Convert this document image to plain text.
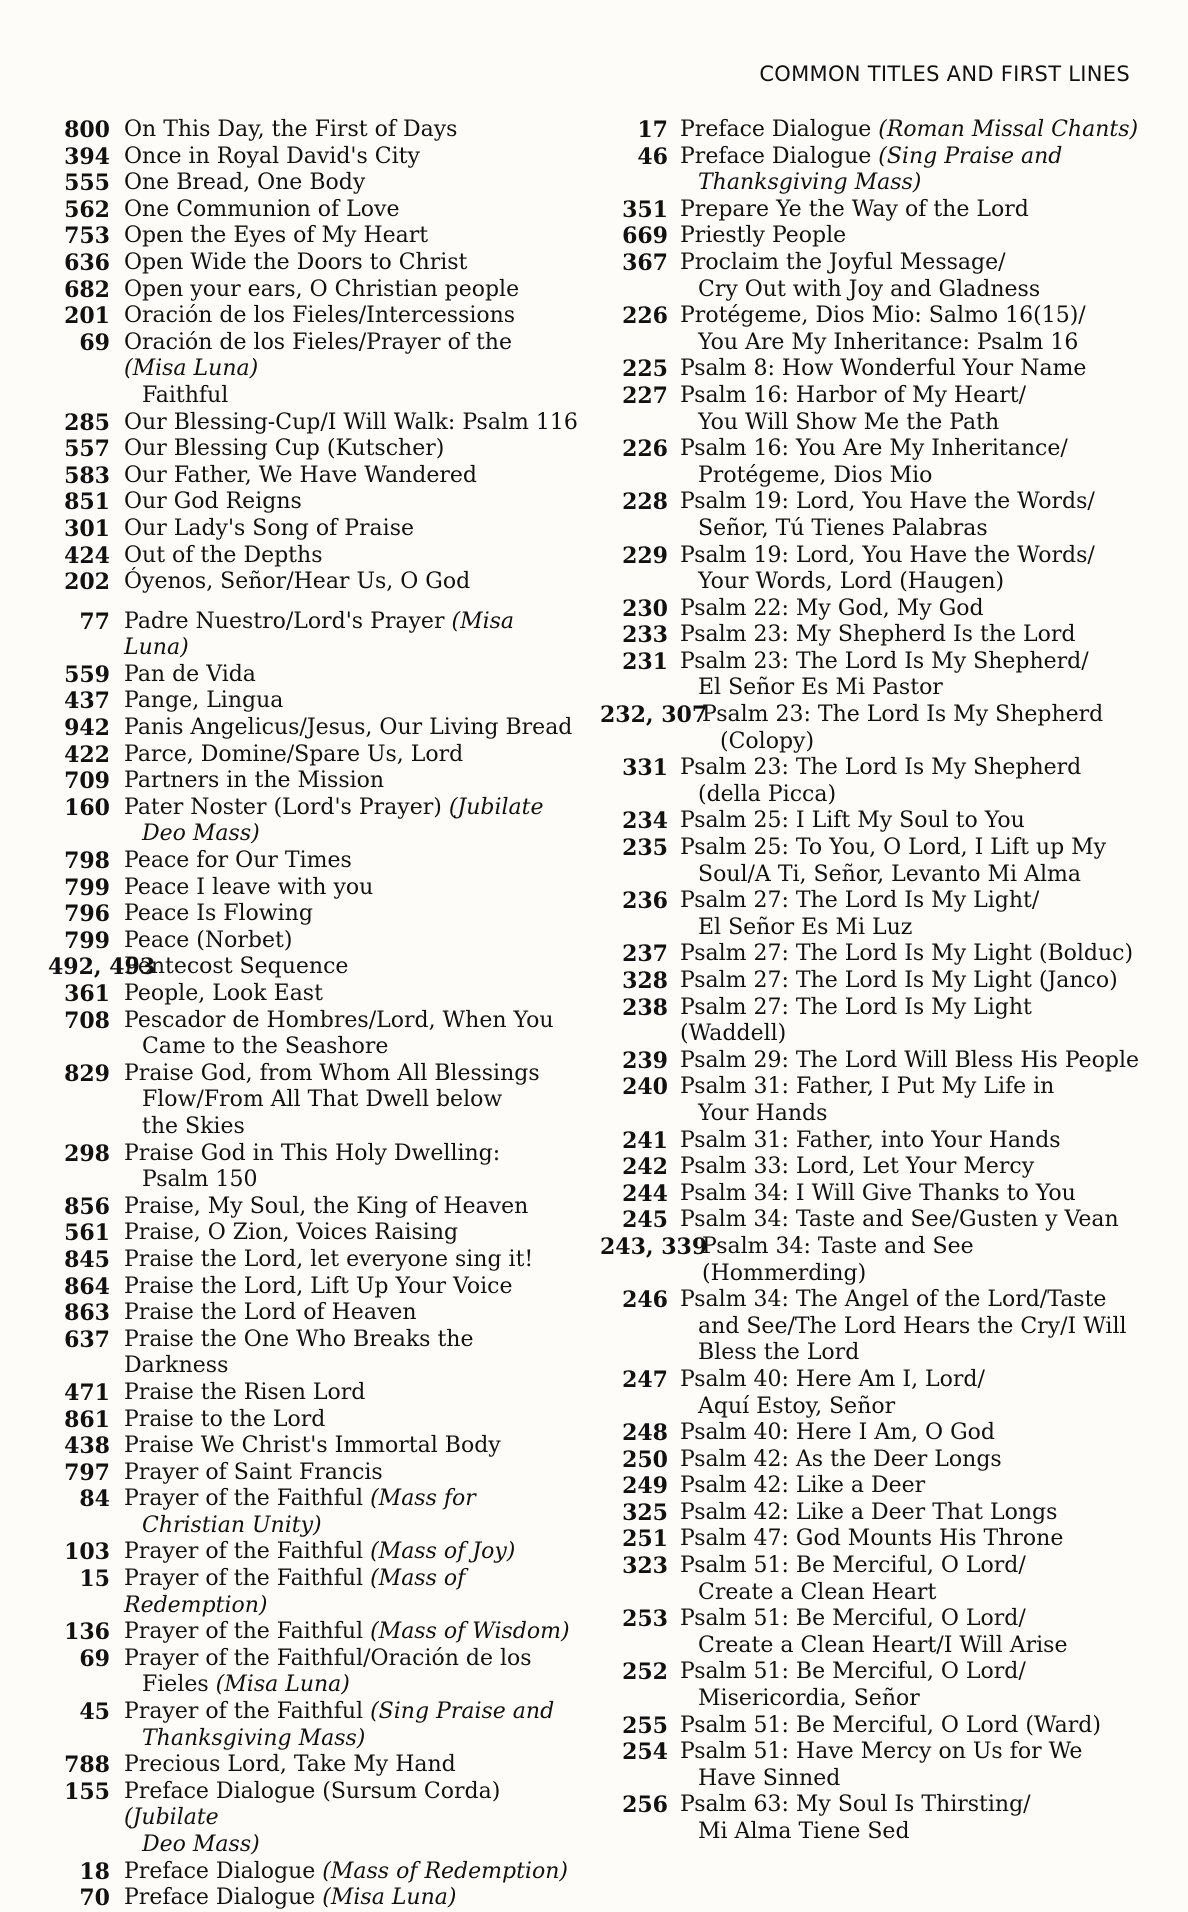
COMMON TITLES AND FIRST LINES
800 On This Day, the First of Days
394 Once in Royal David's City
555 One Bread, One Body
562 One Communion of Love
753 Open the Eyes of My Heart
636 Open Wide the Doors to Christ
682 Open your ears, O Christian people
201 Oración de los Fieles/Intercessions
69 Oración de los Fieles/Prayer of the (Misa Luna)
Faithful
285 Our Blessing-Cup/I Will Walk: Psalm 116
557 Our Blessing Cup (Kutscher)
583 Our Father, We Have Wandered
851 Our God Reigns
301 Our Lady's Song of Praise
424 Out of the Depths
202 Óyenos, Señor/Hear Us, O God
77 Padre Nuestro/Lord's Prayer (Misa Luna)
559 Pan de Vida
437 Pange, Lingua
942 Panis Angelicus/Jesus, Our Living Bread
422 Parce, Domine/Spare Us, Lord
709 Partners in the Mission
160 Pater Noster (Lord's Prayer) (Jubilate
Deo Mass)
798 Peace for Our Times
799 Peace I leave with you
796 Peace Is Flowing
799 Peace (Norbet)
492, 493
Pentecost Sequence
361 People, Look East
708 Pescador de Hombres/Lord, When You
Came to the Seashore
829 Praise God, from Whom All Blessings
Flow/From All That Dwell below
the Skies
298 Praise God in This Holy Dwelling:
Psalm 150
856 Praise, My Soul, the King of Heaven
561 Praise, O Zion, Voices Raising
845 Praise the Lord, let everyone sing it!
864 Praise the Lord, Lift Up Your Voice
863 Praise the Lord of Heaven
637 Praise the One Who Breaks the Darkness
471 Praise the Risen Lord
861 Praise to the Lord
438 Praise We Christ's Immortal Body
797 Prayer of Saint Francis
84 Prayer of the Faithful (Mass for
Christian Unity)
103 Prayer of the Faithful (Mass of Joy)
15 Prayer of the Faithful (Mass of Redemption)
136 Prayer of the Faithful (Mass of Wisdom)
69 Prayer of the Faithful/Oración de los
Fieles (Misa Luna)
45 Prayer of the Faithful (Sing Praise and
Thanksgiving Mass)
788 Precious Lord, Take My Hand
155 Preface Dialogue (Sursum Corda) (Jubilate
Deo Mass)
18 Preface Dialogue (Mass of Redemption)
70 Preface Dialogue (Misa Luna)
17 Preface Dialogue (Roman Missal Chants)
46 Preface Dialogue (Sing Praise and
Thanksgiving Mass)
351 Prepare Ye the Way of the Lord
669 Priestly People
367 Proclaim the Joyful Message/
Cry Out with Joy and Gladness
226 Protégeme, Dios Mio: Salmo 16(15)/
You Are My Inheritance: Psalm 16
225 Psalm 8: How Wonderful Your Name
227 Psalm 16: Harbor of My Heart/
You Will Show Me the Path
226 Psalm 16: You Are My Inheritance/
Protégeme, Dios Mio
228 Psalm 19: Lord, You Have the Words/
Señor, Tú Tienes Palabras
229 Psalm 19: Lord, You Have the Words/
Your Words, Lord (Haugen)
230 Psalm 22: My God, My God
233 Psalm 23: My Shepherd Is the Lord
231 Psalm 23: The Lord Is My Shepherd/
El Señor Es Mi Pastor
232, 307
Psalm 23: The Lord Is My Shepherd
(Colopy)
331 Psalm 23: The Lord Is My Shepherd
(della Picca)
234 Psalm 25: I Lift My Soul to You
235 Psalm 25: To You, O Lord, I Lift up My
Soul/A Ti, Señor, Levanto Mi Alma
236 Psalm 27: The Lord Is My Light/
El Señor Es Mi Luz
237 Psalm 27: The Lord Is My Light (Bolduc)
328 Psalm 27: The Lord Is My Light (Janco)
238 Psalm 27: The Lord Is My Light (Waddell)
239 Psalm 29: The Lord Will Bless His People
240 Psalm 31: Father, I Put My Life in
Your Hands
241 Psalm 31: Father, into Your Hands
242 Psalm 33: Lord, Let Your Mercy
244 Psalm 34: I Will Give Thanks to You
245 Psalm 34: Taste and See/Gusten y Vean
243, 339
Psalm 34: Taste and See (Hommerding)
246 Psalm 34: The Angel of the Lord/Taste
and See/The Lord Hears the Cry/I Will
Bless the Lord
247 Psalm 40: Here Am I, Lord/
Aquí Estoy, Señor
248 Psalm 40: Here I Am, O God
250 Psalm 42: As the Deer Longs
249 Psalm 42: Like a Deer
325 Psalm 42: Like a Deer That Longs
251 Psalm 47: God Mounts His Throne
323 Psalm 51: Be Merciful, O Lord/
Create a Clean Heart
253 Psalm 51: Be Merciful, O Lord/
Create a Clean Heart/I Will Arise
252 Psalm 51: Be Merciful, O Lord/
Misericordia, Señor
255 Psalm 51: Be Merciful, O Lord (Ward)
254 Psalm 51: Have Mercy on Us for We
Have Sinned
256 Psalm 63: My Soul Is Thirsting/
Mi Alma Tiene Sed
